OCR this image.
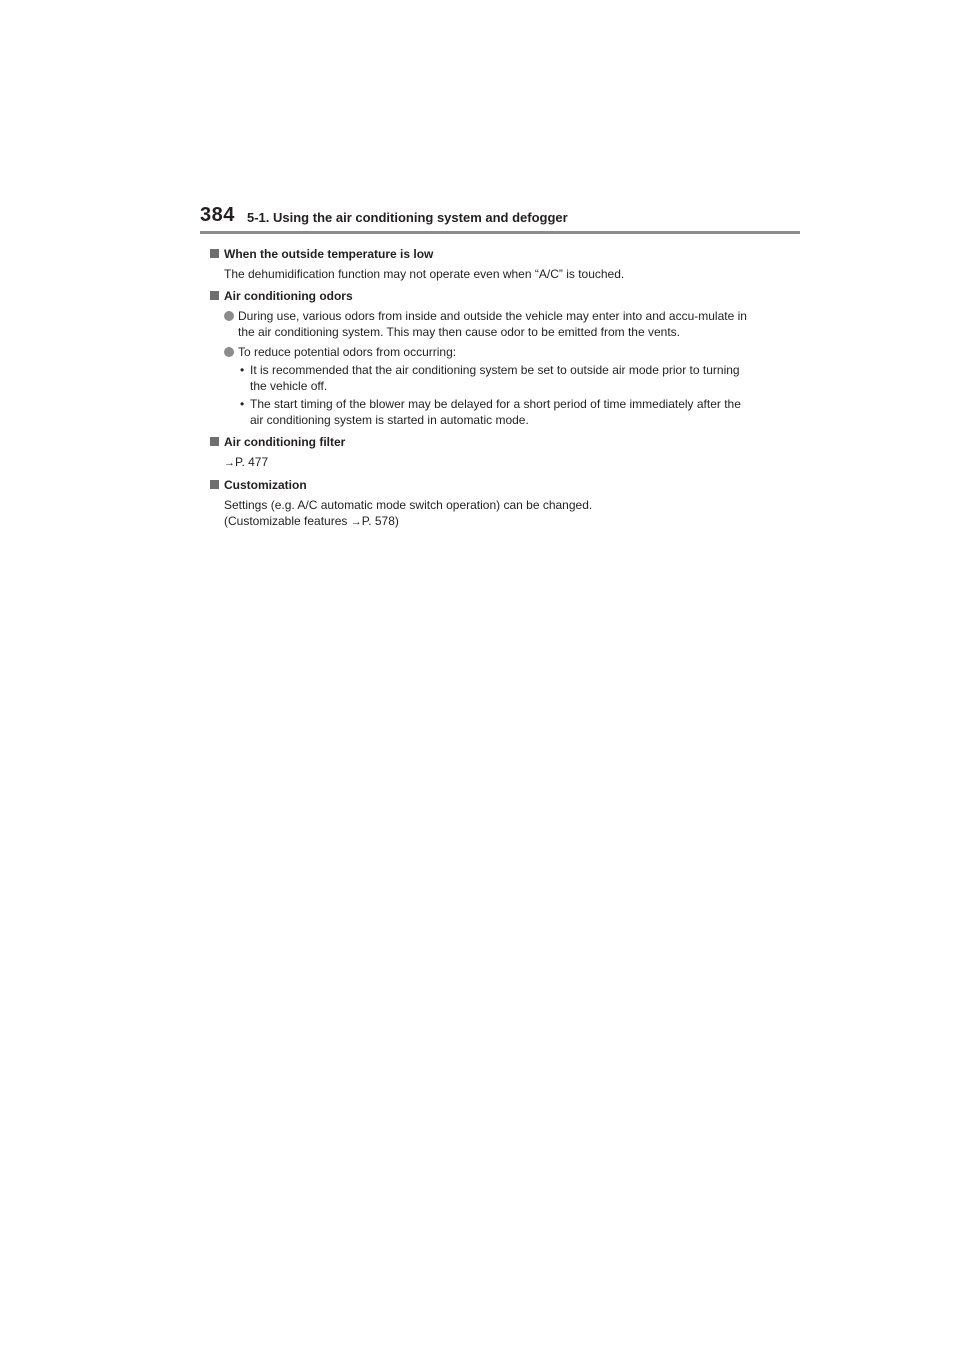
384 5-1. Using the air conditioning system and defogger

When the outside temperature is low

The dehumidification function may not operate even when “A/C” is touched.

Air conditioning odors

During use, various odors from inside and outside the vehicle may enter into and accu-mulate in the air conditioning system. This may then cause odor to be emitted from the vents.

To reduce potential odors from occurring:

• It is recommended that the air conditioning system be set to outside air mode prior to turning the vehicle off.

• The start timing of the blower may be delayed for a short period of time immediately after the air conditioning system is started in automatic mode.

Air conditioning filter

→P. 477

Customization

Settings (e.g. A/C automatic mode switch operation) can be changed.

(Customizable features →P. 578)
